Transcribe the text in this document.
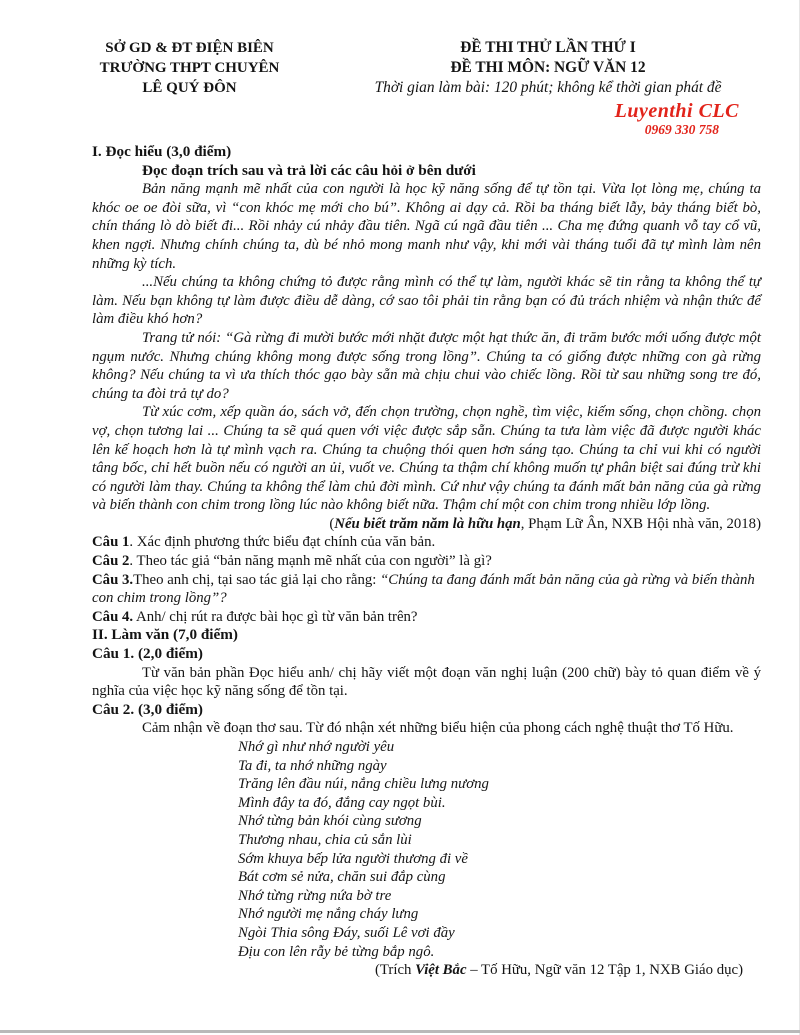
SỞ GD & ĐT ĐIỆN BIÊN
TRƯỜNG THPT CHUYÊN
LÊ QUÝ ĐÔN
ĐỀ THI THỬ LẦN THỨ I
ĐỀ THI MÔN: NGỮ VĂN 12
Thời gian làm bài: 120 phút; không kể thời gian phát đề
Luyenthi CLC
0969 330 758
I. Đọc hiểu (3,0 điểm)
Đọc đoạn trích sau và trả lời các câu hỏi ở bên dưới

Bản năng mạnh mẽ nhất của con người là học kỹ năng sống để tự tồn tại. Vừa lọt lòng mẹ, chúng ta khóc oe oe đòi sữa, vì “con khóc mẹ mới cho bú”. Không ai dạy cả. Rồi ba tháng biết lẫy, bảy tháng biết bò, chín tháng lò dò biết đi... Rồi nhảy cú nhảy đầu tiên. Ngã cú ngã đầu tiên ... Cha mẹ đứng quanh vỗ tay cổ vũ, khen ngợi. Nhưng chính chúng ta, dù bé nhỏ mong manh như vậy, khi mới vài tháng tuổi đã tự mình làm nên những kỳ tích.

...Nếu chúng ta không chứng tỏ được rằng mình có thể tự làm, người khác sẽ tin rằng ta không thể tự làm. Nếu bạn không tự làm được điều dễ dàng, cớ sao tôi phải tin rằng bạn có đủ trách nhiệm và nhận thức để làm điều khó hơn?

Trang tử nói: “Gà rừng đi mười bước mới nhặt được một hạt thức ăn, đi trăm bước mới uống được một ngụm nước. Nhưng chúng không mong được sống trong lồng”. Chúng ta có giống được những con gà rừng không? Nếu chúng ta vì ưa thích thóc gạo bày sẵn mà chịu chui vào chiếc lồng. Rồi từ sau những song tre đó, chúng ta đòi trả tự do?

Từ xúc cơm, xếp quần áo, sách vở, đến chọn trường, chọn nghề, tìm việc, kiếm sống, chọn chồng. chọn vợ, chọn tương lai ... Chúng ta sẽ quá quen với việc được sắp sẵn. Chúng ta tưa làm việc đã được người khác lên kế hoạch hơn là tự mình vạch ra. Chúng ta chuộng thói quen hơn sáng tạo. Chúng ta chỉ vui khi có người tâng bốc, chỉ hết buồn nếu có người an ủi, vuốt ve. Chúng ta thậm chí không muốn tự phân biệt sai đúng trừ khi có người làm thay. Chúng ta không thể làm chủ đời mình. Cứ như vậy chúng ta đánh mất bản năng của gà rừng và biến thành con chim trong lồng lúc nào không biết nữa. Thậm chí một con chim trong nhiều lớp lồng.

(Nếu biết trăm năm là hữu hạn, Phạm Lữ Ân, NXB Hội nhà văn, 2018)

Câu 1. Xác định phương thức biểu đạt chính của văn bản.

Câu 2. Theo tác giả “bản năng mạnh mẽ nhất của con người” là gì?

Câu 3.Theo anh chị, tại sao tác giả lại cho rằng: “Chúng ta đang đánh mất bản năng của gà rừng và biến thành con chim trong lồng”?

Câu 4. Anh/ chị rút ra được bài học gì từ văn bản trên?

II. Làm văn (7,0 điểm)
Câu 1. (2,0 điểm)

Từ văn bản phần Đọc hiểu anh/ chị hãy viết một đoạn văn nghị luận (200 chữ) bày tỏ quan điểm về ý nghĩa của việc học kỹ năng sống để tồn tại.

Câu 2. (3,0 điểm)

Cảm nhận về đoạn thơ sau. Từ đó nhận xét những biểu hiện của phong cách nghệ thuật thơ Tố Hữu.

Nhớ gì như nhớ người yêu
Ta đi, ta nhớ những ngày
Trăng lên đầu núi, nắng chiều lưng nương
Mình đây ta đó, đắng cay ngọt bùi.
Nhớ từng bản khói cùng sương
Thương nhau, chia củ sắn lùi
Sớm khuya bếp lửa người thương đi về
Bát cơm sẻ nửa, chăn sui đắp cùng
Nhớ từng rừng nứa bờ tre
Nhớ người mẹ nắng cháy lưng
Ngòi Thia sông Đáy, suối Lê vơi đầy
Địu con lên rẫy bẻ từng bắp ngô.

(Trích Việt Bắc – Tố Hữu, Ngữ văn 12 Tập 1, NXB Giáo dục)
